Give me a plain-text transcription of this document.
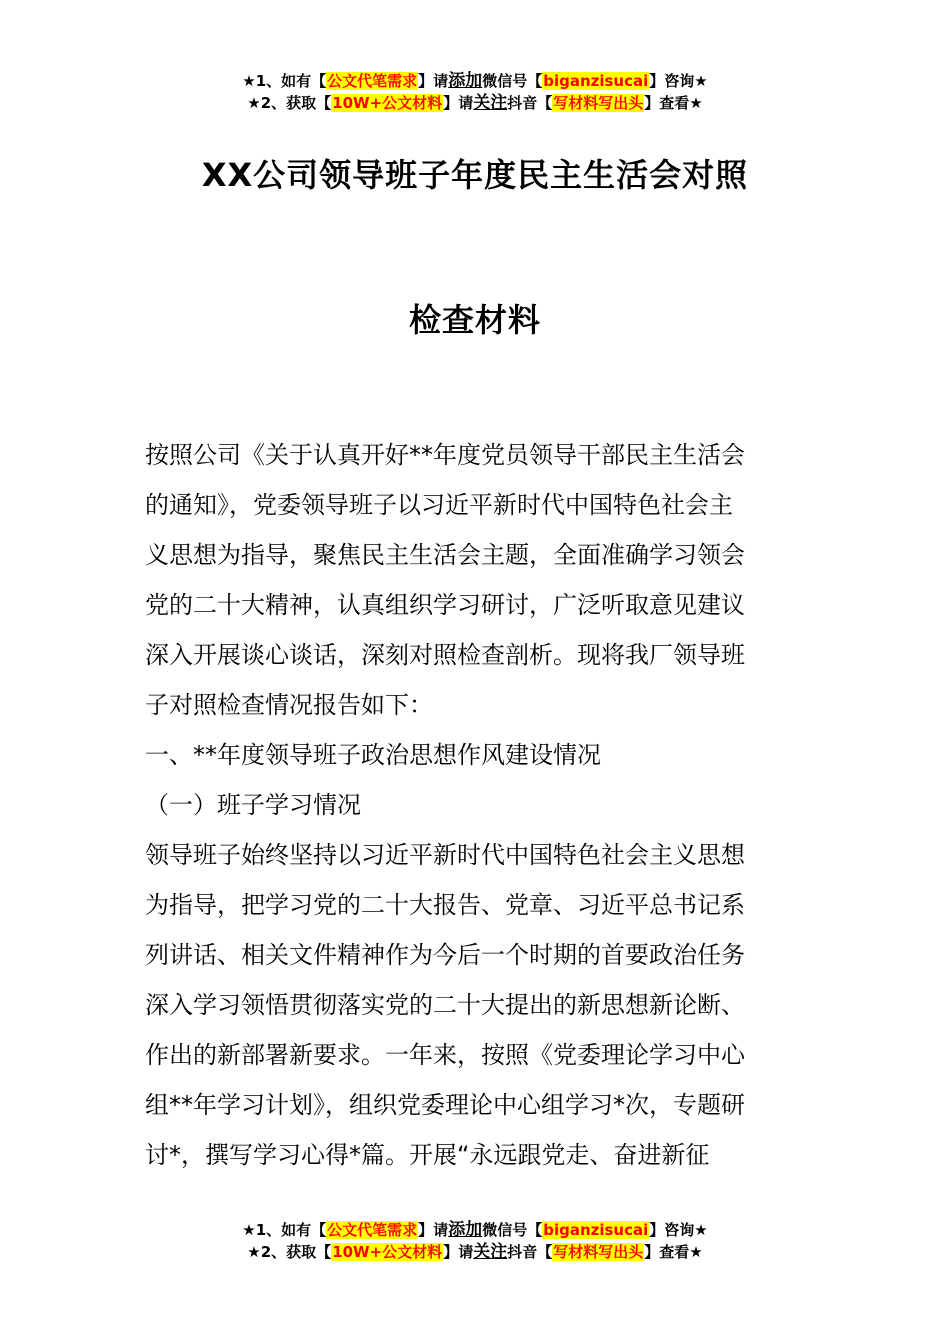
★1、如有【公文代笔需求】请添加微信号【biganzisucai】咨询★
★2、获取【10W+公文材料】请关注抖音【写材料写出头】查看★
XX公司领导班子年度民主生活会对照
检查材料

按照公司《关于认真开好**年度党员领导干部民主生活会

的通知》，党委领导班子以习近平新时代中国特色社会主

义思想为指导，聚焦民主生活会主题，全面准确学习领会

党的二十大精神，认真组织学习研讨，广泛听取意见建议

深入开展谈心谈话，深刻对照检查剖析。现将我厂领导班

子对照检查情况报告如下：

一、**年度领导班子政治思想作风建设情况

（一）班子学习情况

领导班子始终坚持以习近平新时代中国特色社会主义思想

为指导，把学习党的二十大报告、党章、习近平总书记系

列讲话、相关文件精神作为今后一个时期的首要政治任务

深入学习领悟贯彻落实党的二十大提出的新思想新论断、

作出的新部署新要求。一年来，按照《党委理论学习中心

组**年学习计划》，组织党委理论中心组学习*次，专题研

讨*，撰写学习心得*篇。开展“永远跟党走、奋进新征

★1、如有【公文代笔需求】请添加微信号【biganzisucai】咨询★
★2、获取【10W+公文材料】请关注抖音【写材料写出头】查看★
